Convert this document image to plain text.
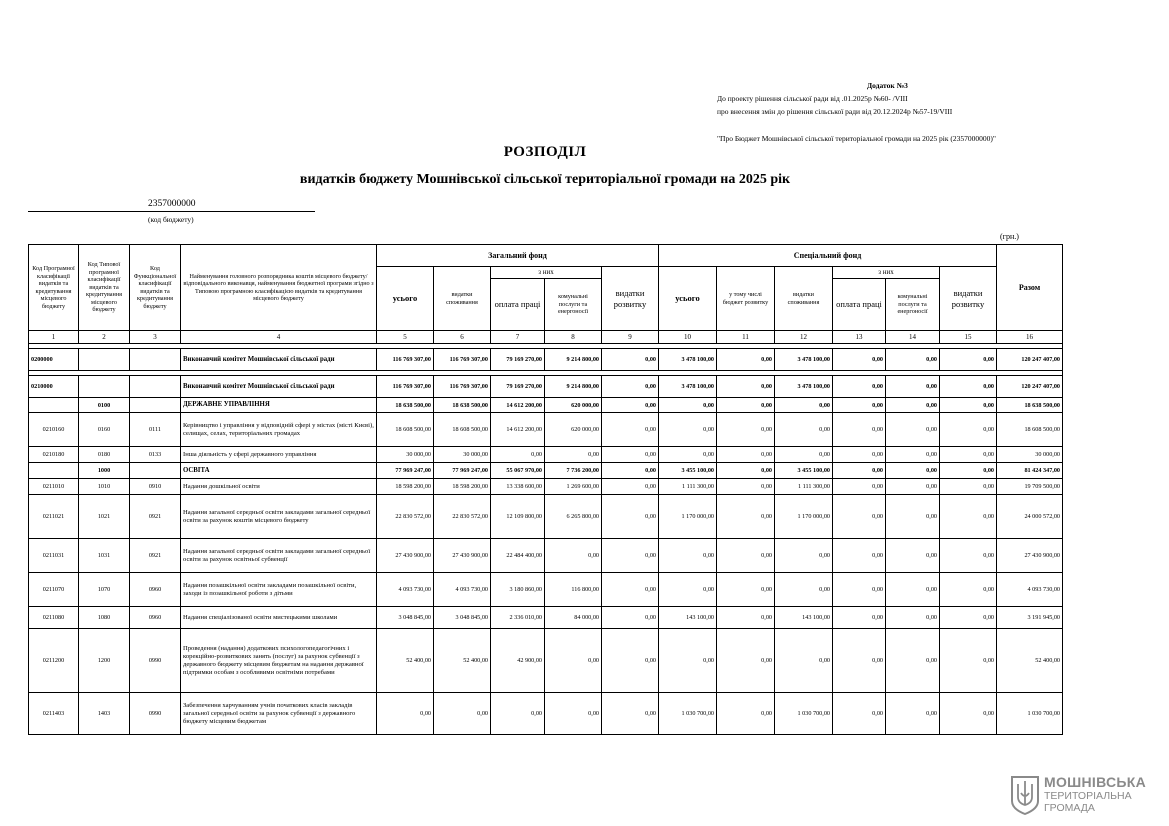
Додаток №3
До проекту рішення сільської ради від .01.2025р №60- /VIII
про внесення змін до рішення сільської ради від 20.12.2024р №57-19/VIII
"Про Бюджет Мошнівської сільської територіальної громади на 2025 рік (2357000000)"
РОЗПОДІЛ
видатків бюджету Мошнівської сільської територіальної громади на 2025 рік
2357000000
(код бюджету)
(грн.)
Код Програмної класифікації видатків та кредитування місцевого бюджету	Код Типової програмної класифікації видатків та кредитування місцевого бюджету	Код Функціональної класифікації видатків та кредитування бюджету	Найменування головного розпорядника коштів місцевого бюджету/ відповідального виконавця, найменування бюджетної програми згідно з Типовою програмною класифікацією видатків та кредитування місцевого бюджету	Загальний фонд					Спеціальний фонд						Разом
				усього	видатки споживання	з них		видатки розвитку	усього	у тому числі бюджет розвитку	видатки споживання	з них		видатки розвитку	
						оплата праці	комунальні послуги та енергоносії					оплата праці	комунальні послуги та енергоносії		

1	2	3	4	5	6	7	8	9	10	11	12	13	14	15	16

0200000			Виконавчий комітет Мошнівської сільської ради	116 769 307,00	116 769 307,00	79 169 270,00	9 214 800,00	0,00	3 478 100,00	0,00	3 478 100,00	0,00	0,00	0,00	120 247 407,00

0210000			Виконавчий комітет Мошнівської сільської ради	116 769 307,00	116 769 307,00	79 169 270,00	9 214 800,00	0,00	3 478 100,00	0,00	3 478 100,00	0,00	0,00	0,00	120 247 407,00
	0100		ДЕРЖАВНЕ УПРАВЛІННЯ	18 638 500,00	18 638 500,00	14 612 200,00	620 000,00	0,00	0,00	0,00	0,00	0,00	0,00	0,00	18 638 500,00
0210160	0160	0111	Керівництво і управління у відповідній сфері у містах (місті Києві), селищах, селах, територіальних громадах	18 608 500,00	18 608 500,00	14 612 200,00	620 000,00	0,00	0,00	0,00	0,00	0,00	0,00	0,00	18 608 500,00
0210180	0180	0133	Інша діяльність у сфері державного управління	30 000,00	30 000,00	0,00	0,00	0,00	0,00	0,00	0,00	0,00	0,00	0,00	30 000,00
	1000		ОСВІТА	77 969 247,00	77 969 247,00	55 067 970,00	7 736 200,00	0,00	3 455 100,00	0,00	3 455 100,00	0,00	0,00	0,00	81 424 347,00
0211010	1010	0910	Надання дошкільної освіти	18 598 200,00	18 598 200,00	13 338 600,00	1 269 600,00	0,00	1 111 300,00	0,00	1 111 300,00	0,00	0,00	0,00	19 709 500,00
0211021	1021	0921	Надання загальної середньої освіти закладами загальної середньої освіти за рахунок коштів місцевого бюджету	22 830 572,00	22 830 572,00	12 109 800,00	6 265 800,00	0,00	1 170 000,00	0,00	1 170 000,00	0,00	0,00	0,00	24 000 572,00
0211031	1031	0921	Надання загальної середньої освіти закладами загальної середньої освіти за рахунок освітньої субвенції	27 430 900,00	27 430 900,00	22 484 400,00	0,00	0,00	0,00	0,00	0,00	0,00	0,00	0,00	27 430 900,00
0211070	1070	0960	Надання позашкільної освіти закладами позашкільної освіти, заходи із позашкільної роботи з дітьми	4 093 730,00	4 093 730,00	3 180 860,00	116 800,00	0,00	0,00	0,00	0,00	0,00	0,00	0,00	4 093 730,00
0211080	1080	0960	Надання спеціалізованої освіти мистецькими школами	3 048 845,00	3 048 845,00	2 336 010,00	84 000,00	0,00	143 100,00	0,00	143 100,00	0,00	0,00	0,00	3 191 945,00
0211200	1200	0990	Проведення (надання) додаткових психологопедагогічних і корекційно-розвиткових занять (послуг) за рахунок субвенції з державного бюджету місцевим бюджетам на надання державної підтримки особам з особливими освітніми потребами	52 400,00	52 400,00	42 900,00	0,00	0,00	0,00	0,00	0,00	0,00	0,00	0,00	52 400,00
0211403	1403	0990	Забезпечення харчуванням учнів початкових класів закладів загальної середньої освіти за рахунок субвенції з державного бюджету місцевим бюджетам	0,00	0,00	0,00	0,00	0,00	1 030 700,00	0,00	1 030 700,00	0,00	0,00	0,00	1 030 700,00
МОШНІВСЬКА
ТЕРИТОРІАЛЬНА
ГРОМАДА
